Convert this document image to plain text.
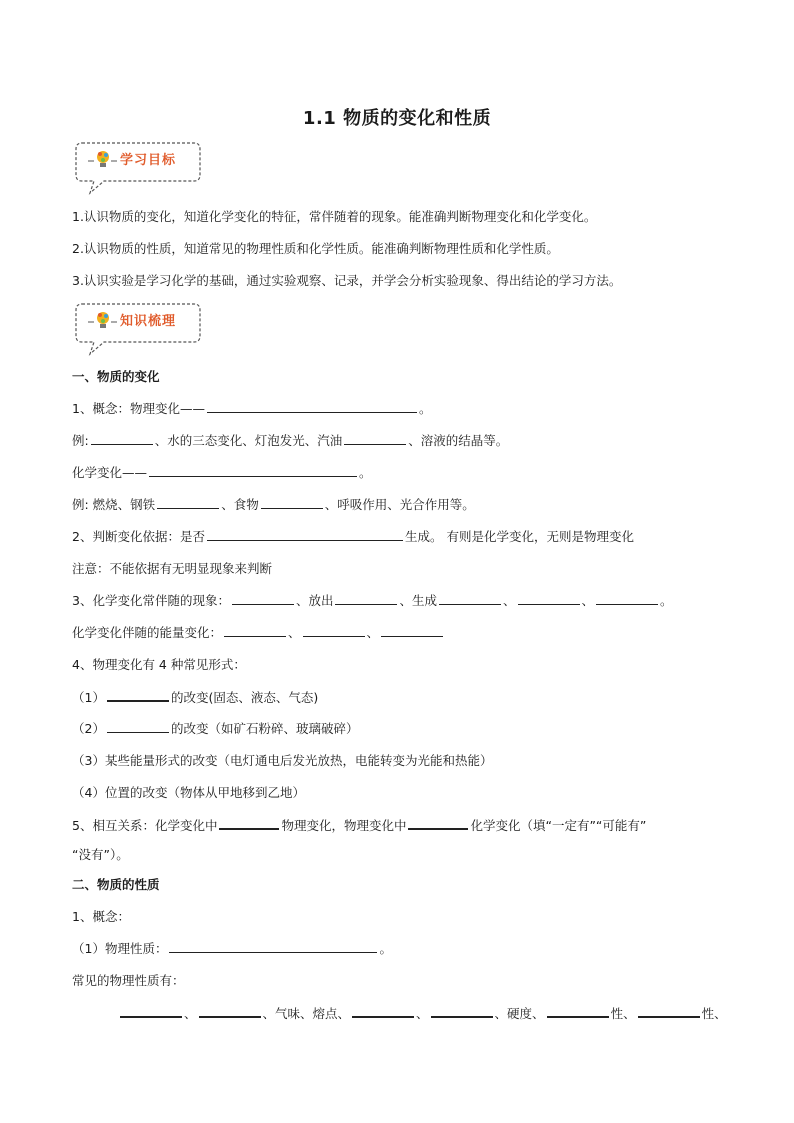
1.1 物质的变化和性质
学习目标
1.认识物质的变化，知道化学变化的特征，常伴随着的现象。能准确判断物理变化和化学变化。
2.认识物质的性质，知道常见的物理性质和化学性质。能准确判断物理性质和化学性质。
3.认识实验是学习化学的基础，通过实验观察、记录，并学会分析实验现象、得出结论的学习方法。
知识梳理
一、物质的变化
1、概念：物理变化——	。
例:	、水的三态变化、灯泡发光、汽油	、溶液的结晶等。
化学变化——	。
例: 燃烧、钢铁	、食物	、呼吸作用、光合作用等。
2、判断变化依据：是否	生成。 有则是化学变化，无则是物理变化
注意：不能依据有无明显现象来判断
3、化学变化常伴随的现象：	、放出	、生成	、	、	。
化学变化伴随的能量变化：	、	、
4、物理变化有 4 种常见形式：
（1）	的改变(固态、液态、气态)
（2）	的改变（如矿石粉碎、玻璃破碎）
（3）某些能量形式的改变（电灯通电后发光放热，电能转变为光能和热能）
（4）位置的改变（物体从甲地移到乙地）
5、相互关系：化学变化中	物理变化，物理变化中	化学变化（填“一定有”“可能有”
“没有”）。
二、物质的性质
1、概念：
（1）物理性质：	。
常见的物理性质有：
、	、气味、熔点、	、	、硬度、	性、	性、
